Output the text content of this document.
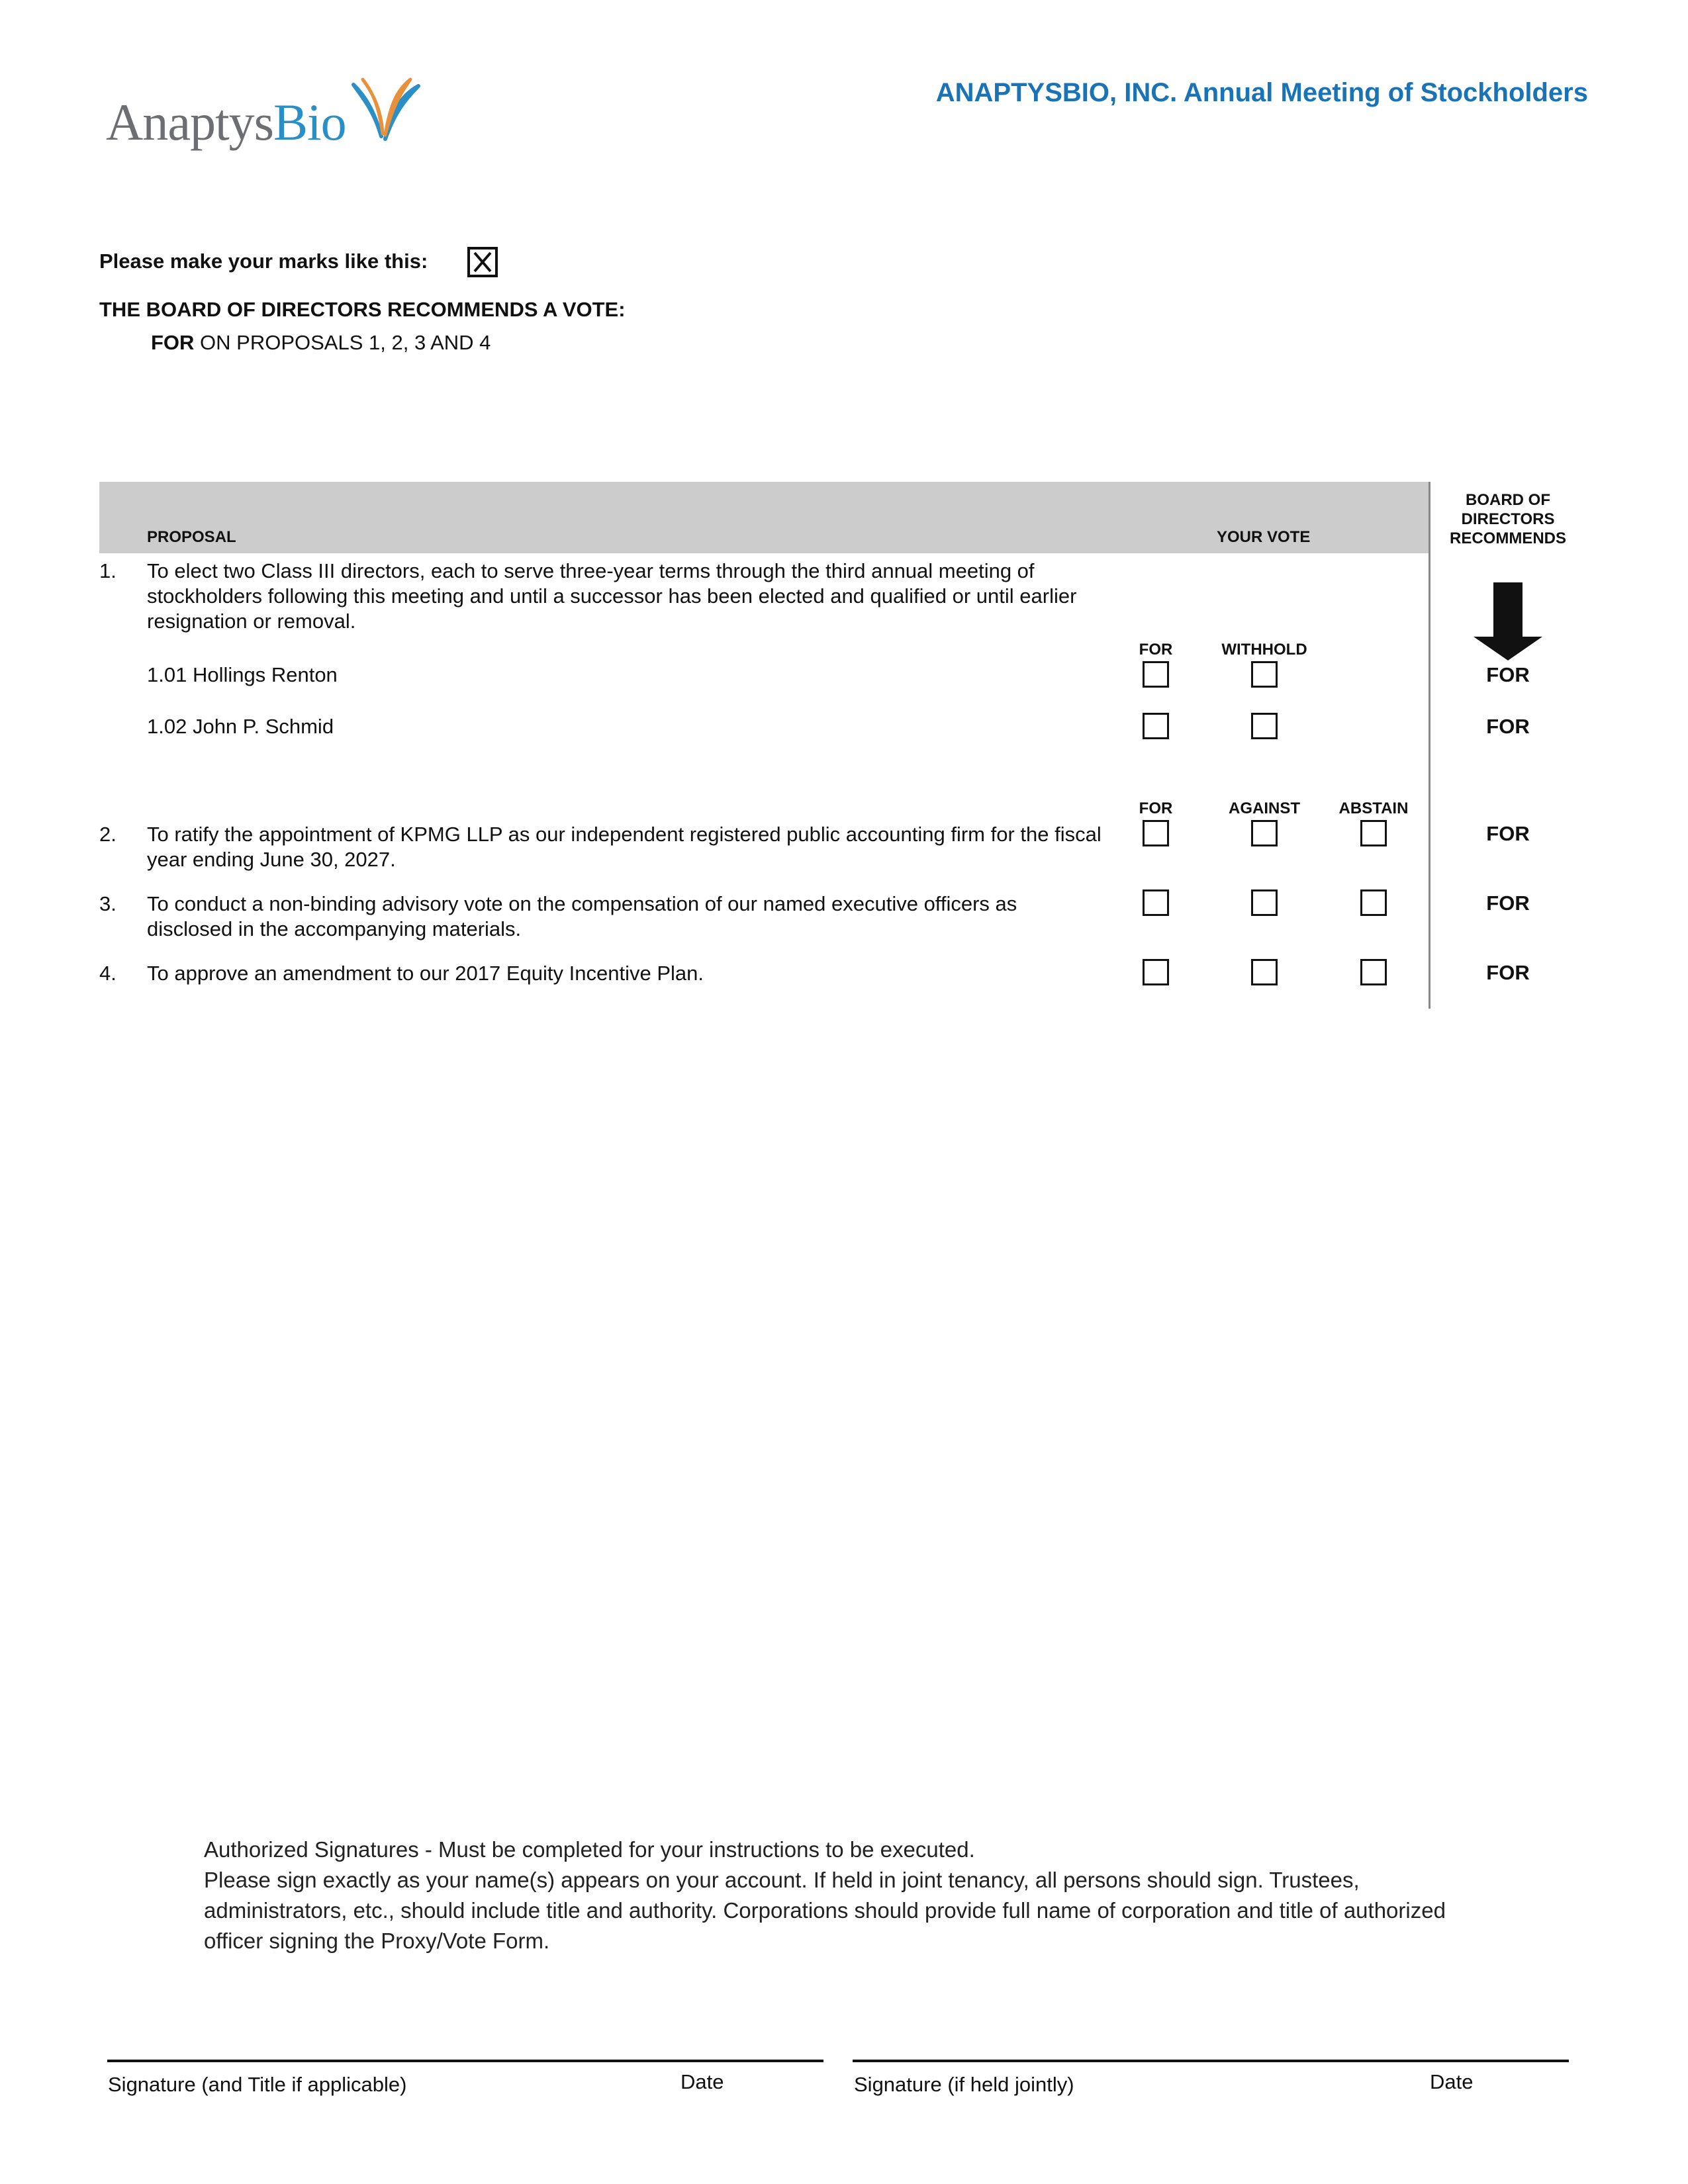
AnaptysBio
ANAPTYSBIO, INC. Annual Meeting of Stockholders
Please make your marks like this:
THE BOARD OF DIRECTORS RECOMMENDS A VOTE:
FOR ON PROPOSALS 1, 2, 3 AND 4
PROPOSAL	YOUR VOTE
BOARD OF DIRECTORS RECOMMENDS
1. To elect two Class III directors, each to serve three-year terms through the third annual meeting of stockholders following this meeting and until a successor has been elected and qualified or until earlier resignation or removal.
FOR	WITHHOLD
1.01 Hollings Renton	FOR
1.02 John P. Schmid	FOR
FOR	AGAINST	ABSTAIN
2. To ratify the appointment of KPMG LLP as our independent registered public accounting firm for the fiscal year ending June 30, 2027.
FOR
3. To conduct a non-binding advisory vote on the compensation of our named executive officers as disclosed in the accompanying materials.
FOR
4. To approve an amendment to our 2017 Equity Incentive Plan.	FOR
Authorized Signatures - Must be completed for your instructions to be executed.
Please sign exactly as your name(s) appears on your account. If held in joint tenancy, all persons should sign. Trustees, administrators, etc., should include title and authority. Corporations should provide full name of corporation and title of authorized officer signing the Proxy/Vote Form.
Signature (and Title if applicable)	Date	Signature (if held jointly)	Date
